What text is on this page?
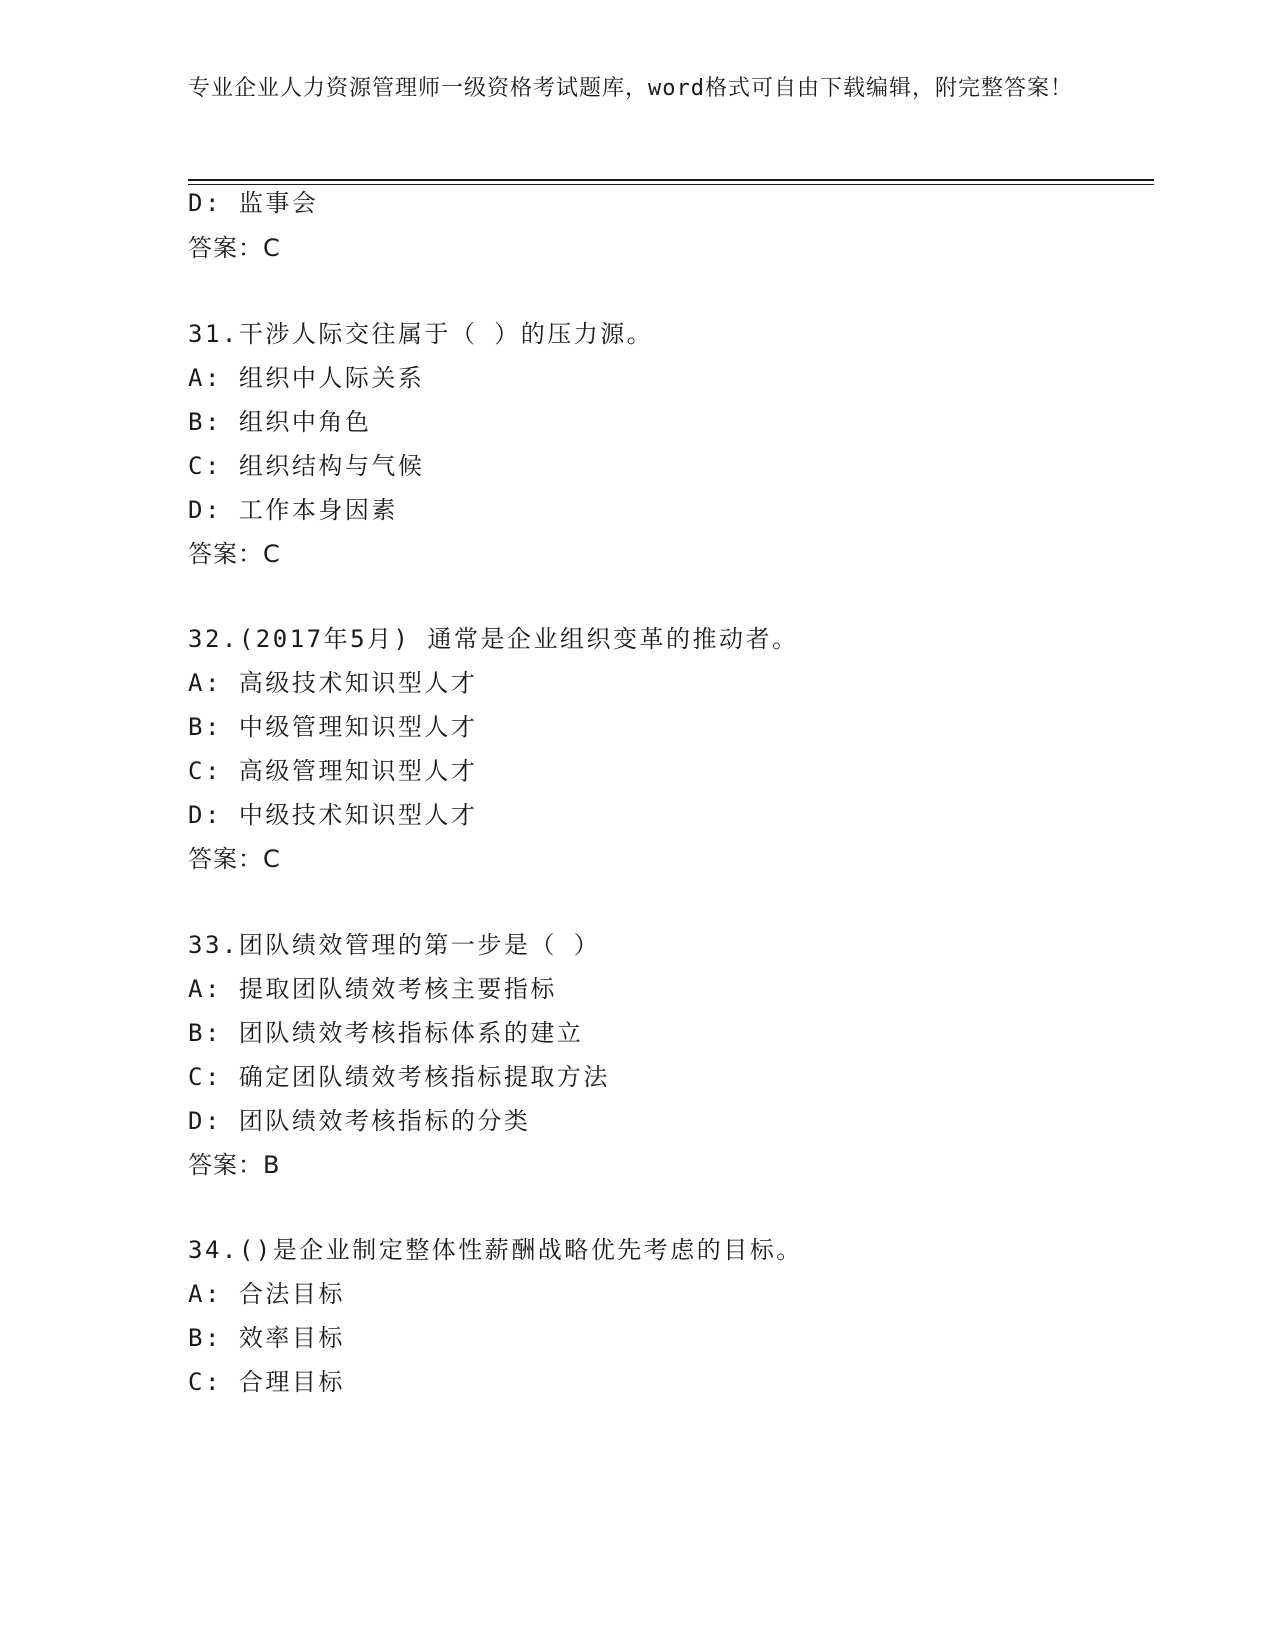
专业企业人力资源管理师一级资格考试题库，word格式可自由下载编辑，附完整答案！
D: 监事会
答案：C
31.干涉人际交往属于（ ）的压力源。
A: 组织中人际关系
B: 组织中角色
C: 组织结构与气候
D: 工作本身因素
答案：C
32.(2017年5月) 通常是企业组织变革的推动者。
A: 高级技术知识型人才
B: 中级管理知识型人才
C: 高级管理知识型人才
D: 中级技术知识型人才
答案：C
33.团队绩效管理的第一步是（ ）
A: 提取团队绩效考核主要指标
B: 团队绩效考核指标体系的建立
C: 确定团队绩效考核指标提取方法
D: 团队绩效考核指标的分类
答案：B
34.()是企业制定整体性薪酬战略优先考虑的目标。
A: 合法目标
B: 效率目标
C: 合理目标
